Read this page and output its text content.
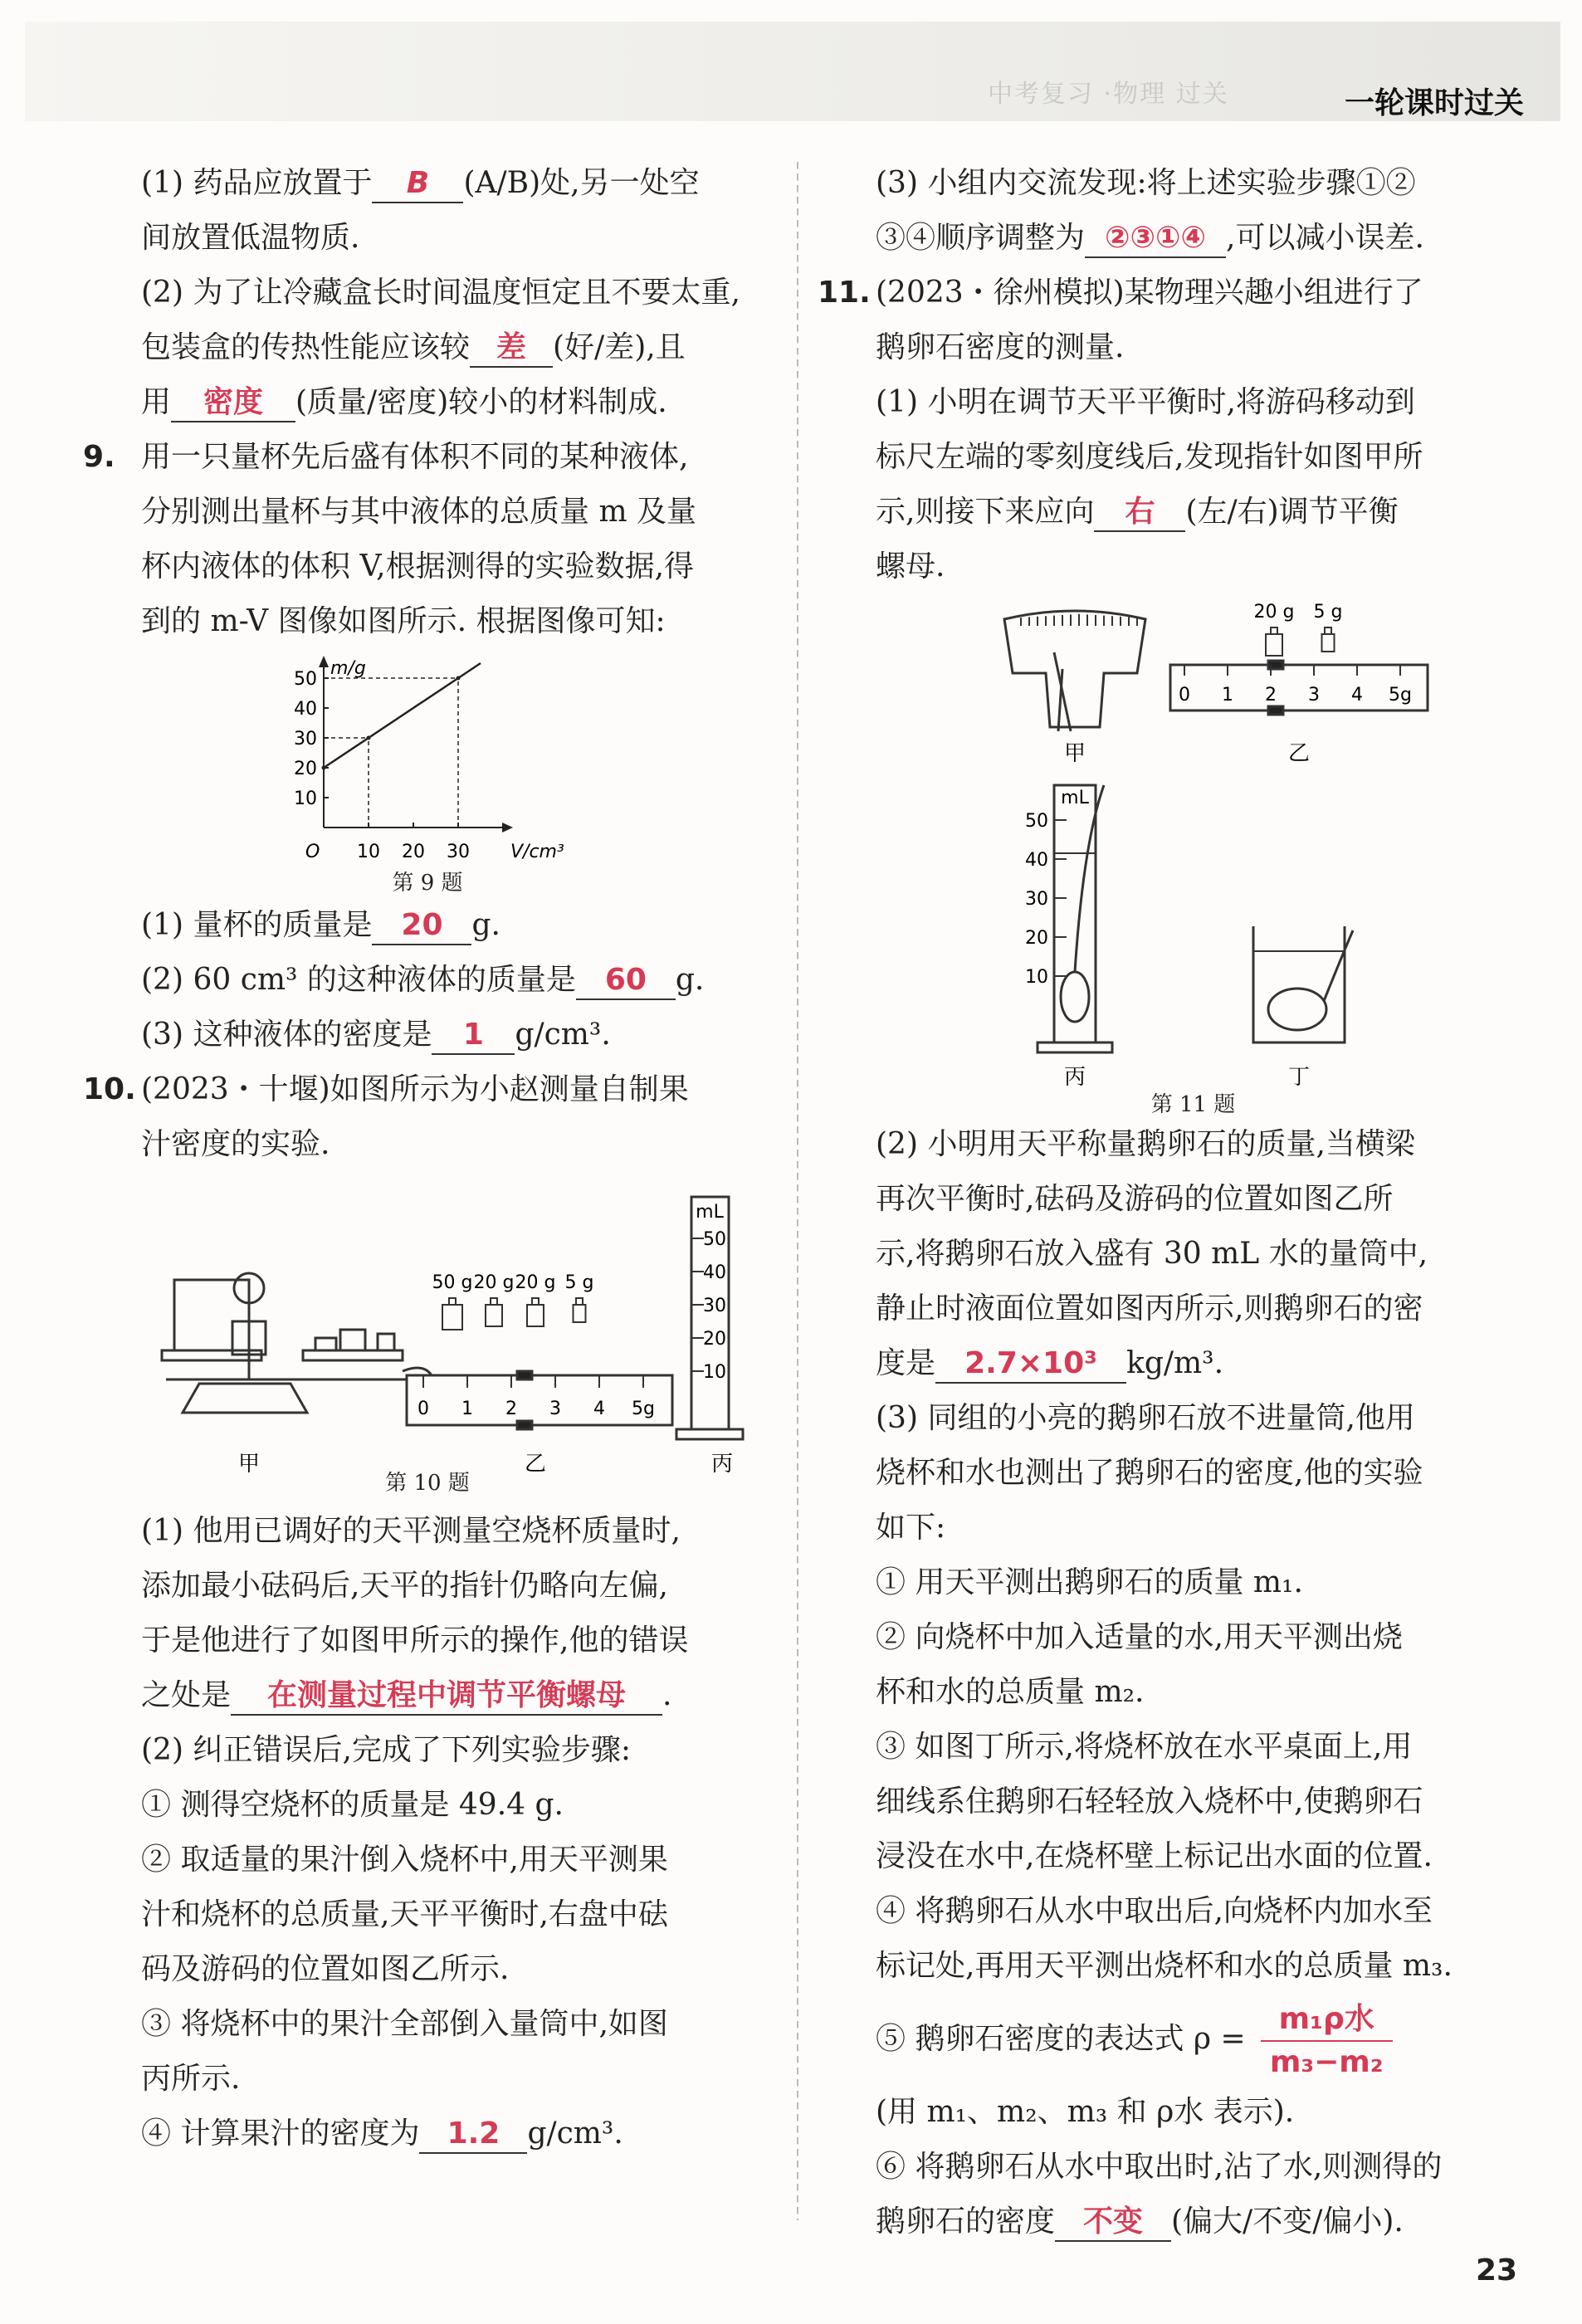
中考复习 ·物理 过关	一轮课时过关

(1) 药品应放置于 B (A/B)处,另一处空

间放置低温物质.

(2) 为了让冷藏盒长时间温度恒定且不要太重,

包装盒的传热性能应该较 差 (好/差),且

用 密度 (质量/密度)较小的材料制成.

9. 用一只量杯先后盛有体积不同的某种液体,

分别测出量杯与其中液体的总质量 m 及量

杯内液体的体积 V,根据测得的实验数据,得

到的 m-V 图像如图所示. 根据图像可知:

m/g
V/cm³
O
10
20
30
40
50
10 20 30
第 9 题

(1) 量杯的质量是 20 g.

(2) 60 cm³ 的这种液体的质量是 60 g.

(3) 这种液体的密度是 1 g/cm³.

10. (2023・十堰)如图所示为小赵测量自制果

汁密度的实验.

甲
50 g 20 g 20 g 5 g
0 1 2 3 4 5g
乙
mL
50
40
30
20
10
丙
第 10 题

(1) 他用已调好的天平测量空烧杯质量时,

添加最小砝码后,天平的指针仍略向左偏,

于是他进行了如图甲所示的操作,他的错误

之处是 在测量过程中调节平衡螺母 .

(2) 纠正错误后,完成了下列实验步骤:

① 测得空烧杯的质量是 49.4 g.

② 取适量的果汁倒入烧杯中,用天平测果

汁和烧杯的总质量,天平平衡时,右盘中砝

码及游码的位置如图乙所示.

③ 将烧杯中的果汁全部倒入量筒中,如图

丙所示.

④ 计算果汁的密度为 1.2 g/cm³.

(3) 小组内交流发现:将上述实验步骤①②

③④顺序调整为 ②③①④ ,可以减小误差.

11. (2023・徐州模拟)某物理兴趣小组进行了

鹅卵石密度的测量.

(1) 小明在调节天平平衡时,将游码移动到

标尺左端的零刻度线后,发现指针如图甲所

示,则接下来应向 右 (左/右)调节平衡

螺母.

甲
20 g 5 g
0 1 2 3 4 5g
乙
mL
50
40
30
20
10
丙	丁
第 11 题

(2) 小明用天平称量鹅卵石的质量,当横梁

再次平衡时,砝码及游码的位置如图乙所

示,将鹅卵石放入盛有 30 mL 水的量筒中,

静止时液面位置如图丙所示,则鹅卵石的密

度是 2.7×10³ kg/m³.

(3) 同组的小亮的鹅卵石放不进量筒,他用

烧杯和水也测出了鹅卵石的密度,他的实验

如下:

① 用天平测出鹅卵石的质量 m₁.

② 向烧杯中加入适量的水,用天平测出烧

杯和水的总质量 m₂.

③ 如图丁所示,将烧杯放在水平桌面上,用

细线系住鹅卵石轻轻放入烧杯中,使鹅卵石

浸没在水中,在烧杯壁上标记出水面的位置.

④ 将鹅卵石从水中取出后,向烧杯内加水至

标记处,再用天平测出烧杯和水的总质量 m₃.

⑤ 鹅卵石密度的表达式 $\rho = \frac{\text{m₁ρ水}}{\text{m₃−m₂}}$

(用 m₁、m₂、m₃ 和 ρ水 表示).

⑥ 将鹅卵石从水中取出时,沾了水,则测得的

鹅卵石的密度 不变 (偏大/不变/偏小).

23
